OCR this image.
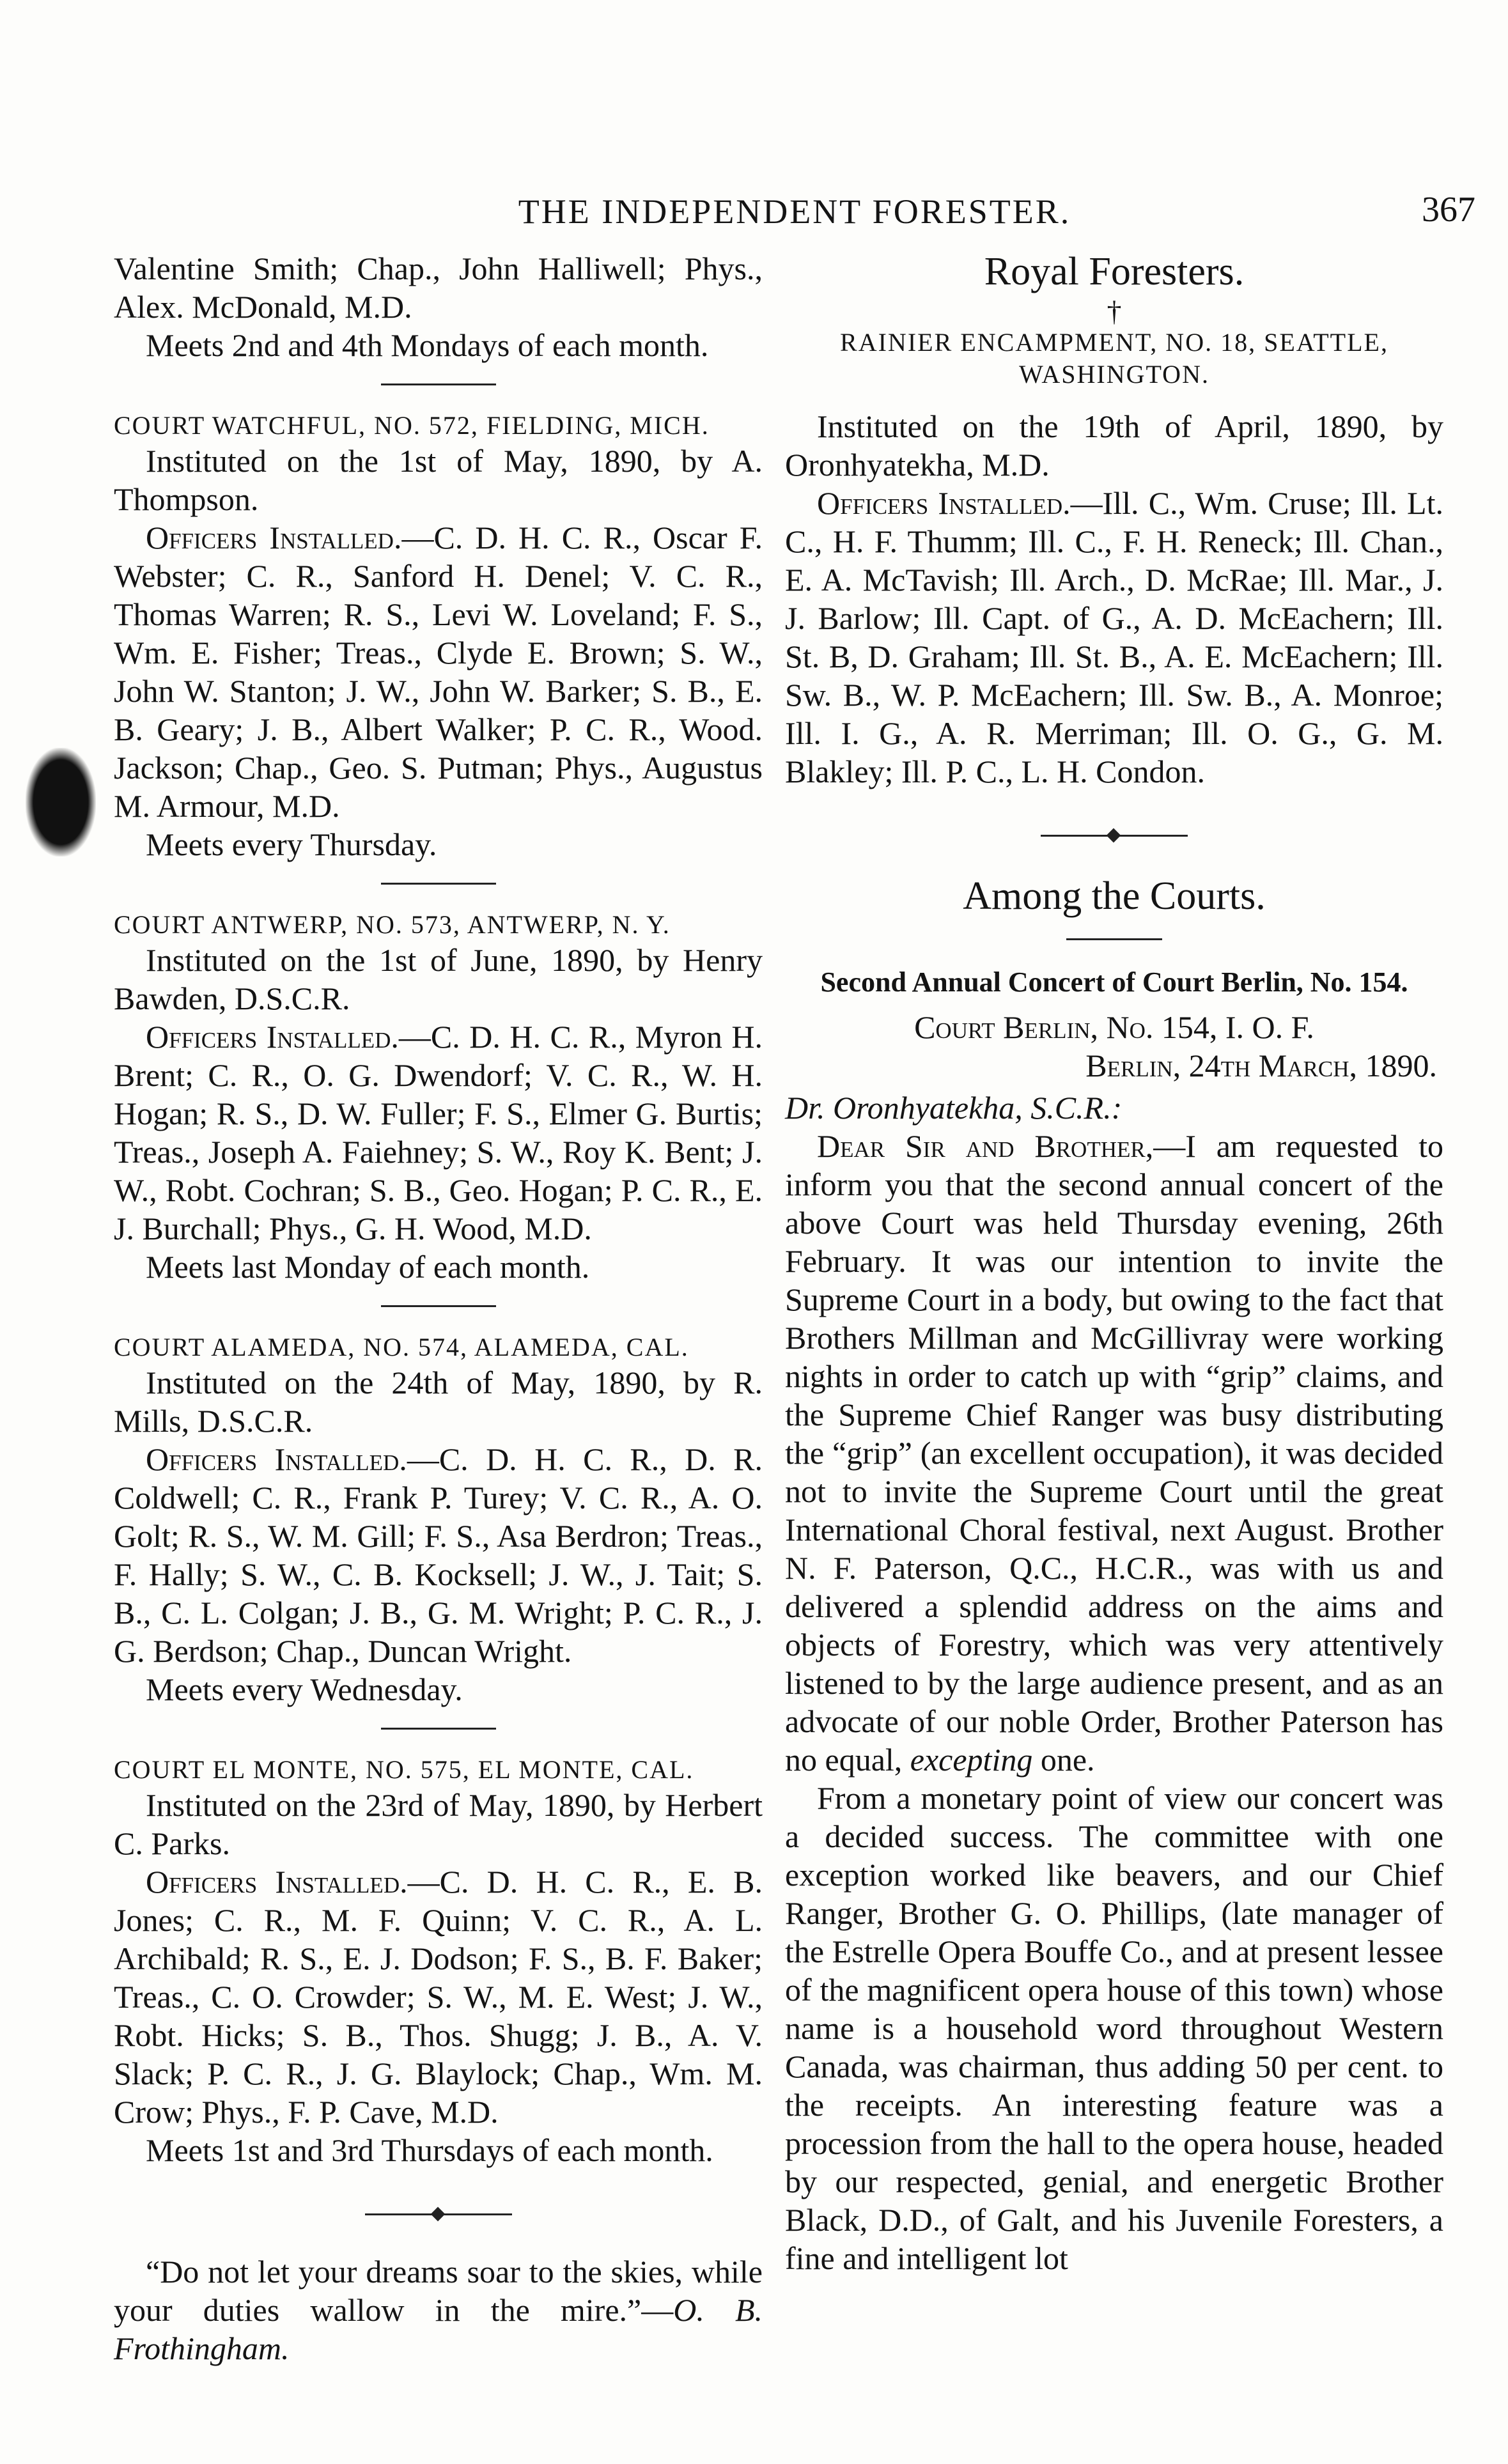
THE INDEPENDENT FORESTER.	367

Valentine Smith; Chap., John Halliwell; Phys., Alex. McDonald, M.D.

Meets 2nd and 4th Mondays of each month.

COURT WATCHFUL, NO. 572, FIELDING, MICH.

Instituted on the 1st of May, 1890, by A. Thompson.

Officers Installed.—C. D. H. C. R., Oscar F. Webster; C. R., Sanford H. Denel; V. C. R., Thomas Warren; R. S., Levi W. Loveland; F. S., Wm. E. Fisher; Treas., Clyde E. Brown; S. W., John W. Stanton; J. W., John W. Barker; S. B., E. B. Geary; J. B., Albert Walker; P. C. R., Wood. Jackson; Chap., Geo. S. Putman; Phys., Augustus M. Armour, M.D.

Meets every Thursday.

COURT ANTWERP, NO. 573, ANTWERP, N. Y.

Instituted on the 1st of June, 1890, by Henry Bawden, D.S.C.R.

Officers Installed.—C. D. H. C. R., Myron H. Brent; C. R., O. G. Dwendorf; V. C. R., W. H. Hogan; R. S., D. W. Fuller; F. S., Elmer G. Burtis; Treas., Joseph A. Faiehney; S. W., Roy K. Bent; J. W., Robt. Cochran; S. B., Geo. Hogan; P. C. R., E. J. Burchall; Phys., G. H. Wood, M.D.

Meets last Monday of each month.

COURT ALAMEDA, NO. 574, ALAMEDA, CAL.

Instituted on the 24th of May, 1890, by R. Mills, D.S.C.R.

Officers Installed.—C. D. H. C. R., D. R. Coldwell; C. R., Frank P. Turey; V. C. R., A. O. Golt; R. S., W. M. Gill; F. S., Asa Berdron; Treas., F. Hally; S. W., C. B. Kocksell; J. W., J. Tait; S. B., C. L. Colgan; J. B., G. M. Wright; P. C. R., J. G. Berdson; Chap., Duncan Wright.

Meets every Wednesday.

COURT EL MONTE, NO. 575, EL MONTE, CAL.

Instituted on the 23rd of May, 1890, by Herbert C. Parks.

Officers Installed.—C. D. H. C. R., E. B. Jones; C. R., M. F. Quinn; V. C. R., A. L. Archibald; R. S., E. J. Dodson; F. S., B. F. Baker; Treas., C. O. Crowder; S. W., M. E. West; J. W., Robt. Hicks; S. B., Thos. Shugg; J. B., A. V. Slack; P. C. R., J. G. Blaylock; Chap., Wm. M. Crow; Phys., F. P. Cave, M.D.

Meets 1st and 3rd Thursdays of each month.

“Do not let your dreams soar to the skies, while your duties wallow in the mire.”—O. B. Frothingham.

Royal Foresters.
†

RAINIER ENCAMPMENT, NO. 18, SEATTLE, WASHINGTON.

Instituted on the 19th of April, 1890, by Oronhyatekha, M.D.

Officers Installed.—Ill. C., Wm. Cruse; Ill. Lt. C., H. F. Thumm; Ill. C., F. H. Reneck; Ill. Chan., E. A. McTavish; Ill. Arch., D. McRae; Ill. Mar., J. J. Barlow; Ill. Capt. of G., A. D. McEachern; Ill. St. B, D. Graham; Ill. St. B., A. E. McEachern; Ill. Sw. B., W. P. McEachern; Ill. Sw. B., A. Monroe; Ill. I. G., A. R. Merriman; Ill. O. G., G. M. Blakley; Ill. P. C., L. H. Condon.

Among the Courts.

Second Annual Concert of Court Berlin, No. 154.

Court Berlin, No. 154, I. O. F.

Berlin, 24th March, 1890.

Dr. Oronhyatekha, S.C.R.:

Dear Sir and Brother,—I am requested to inform you that the second annual concert of the above Court was held Thursday evening, 26th February. It was our intention to invite the Supreme Court in a body, but owing to the fact that Brothers Millman and McGillivray were working nights in order to catch up with “grip” claims, and the Supreme Chief Ranger was busy distributing the “grip” (an excellent occupation), it was decided not to invite the Supreme Court until the great International Choral festival, next August. Brother N. F. Paterson, Q.C., H.C.R., was with us and delivered a splendid address on the aims and objects of Forestry, which was very attentively listened to by the large audience present, and as an advocate of our noble Order, Brother Paterson has no equal, excepting one.

From a monetary point of view our concert was a decided success. The committee with one exception worked like beavers, and our Chief Ranger, Brother G. O. Phillips, (late manager of the Estrelle Opera Bouffe Co., and at present lessee of the magnificent opera house of this town) whose name is a household word throughout Western Canada, was chairman, thus adding 50 per cent. to the receipts. An interesting feature was a procession from the hall to the opera house, headed by our respected, genial, and energetic Brother Black, D.D., of Galt, and his Juvenile Foresters, a fine and intelligent lot
